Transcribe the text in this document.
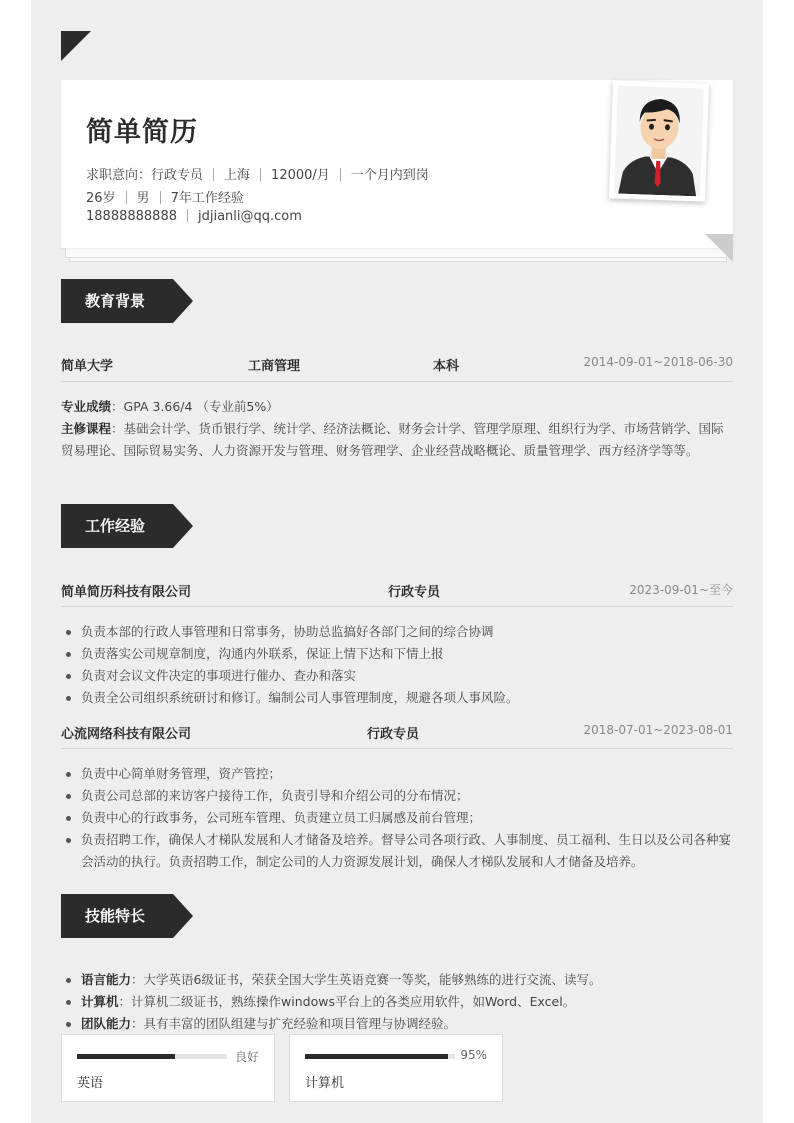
简单简历
求职意向：行政专员 上海 12000/月 一个月内到岗
26岁 男 7年工作经验
18888888888 jdjianli@qq.com
教育背景
简单大学	工商管理	本科	2014-09-01~2018-06-30
专业成绩：GPA 3.66/4 （专业前5%）
主修课程：基础会计学、货币银行学、统计学、经济法概论、财务会计学、管理学原理、组织行为学、市场营销学、国际贸易理论、国际贸易实务、人力资源开发与管理、财务管理学、企业经营战略概论、质量管理学、西方经济学等等。
工作经验
简单简历科技有限公司	行政专员	2023-09-01~至今
负责本部的行政人事管理和日常事务，协助总监搞好各部门之间的综合协调
负责落实公司规章制度，沟通内外联系，保证上情下达和下情上报
负责对会议文件决定的事项进行催办、查办和落实
负责全公司组织系统研讨和修订。编制公司人事管理制度，规避各项人事风险。
心流网络科技有限公司	行政专员	2018-07-01~2023-08-01
负责中心简单财务管理，资产管控；
负责公司总部的来访客户接待工作，负责引导和介绍公司的分布情况；
负责中心的行政事务，公司班车管理、负责建立员工归属感及前台管理；
负责招聘工作，确保人才梯队发展和人才储备及培养。督导公司各项行政、人事制度、员工福利、生日以及公司各种宴会活动的执行。负责招聘工作，制定公司的人力资源发展计划，确保人才梯队发展和人才储备及培养。
技能特长
语言能力：大学英语6级证书，荣获全国大学生英语竞赛一等奖，能够熟练的进行交流、读写。
计算机：计算机二级证书，熟练操作windows平台上的各类应用软件，如Word、Excel。
团队能力：具有丰富的团队组建与扩充经验和项目管理与协调经验。
良好
英语
95%
计算机
